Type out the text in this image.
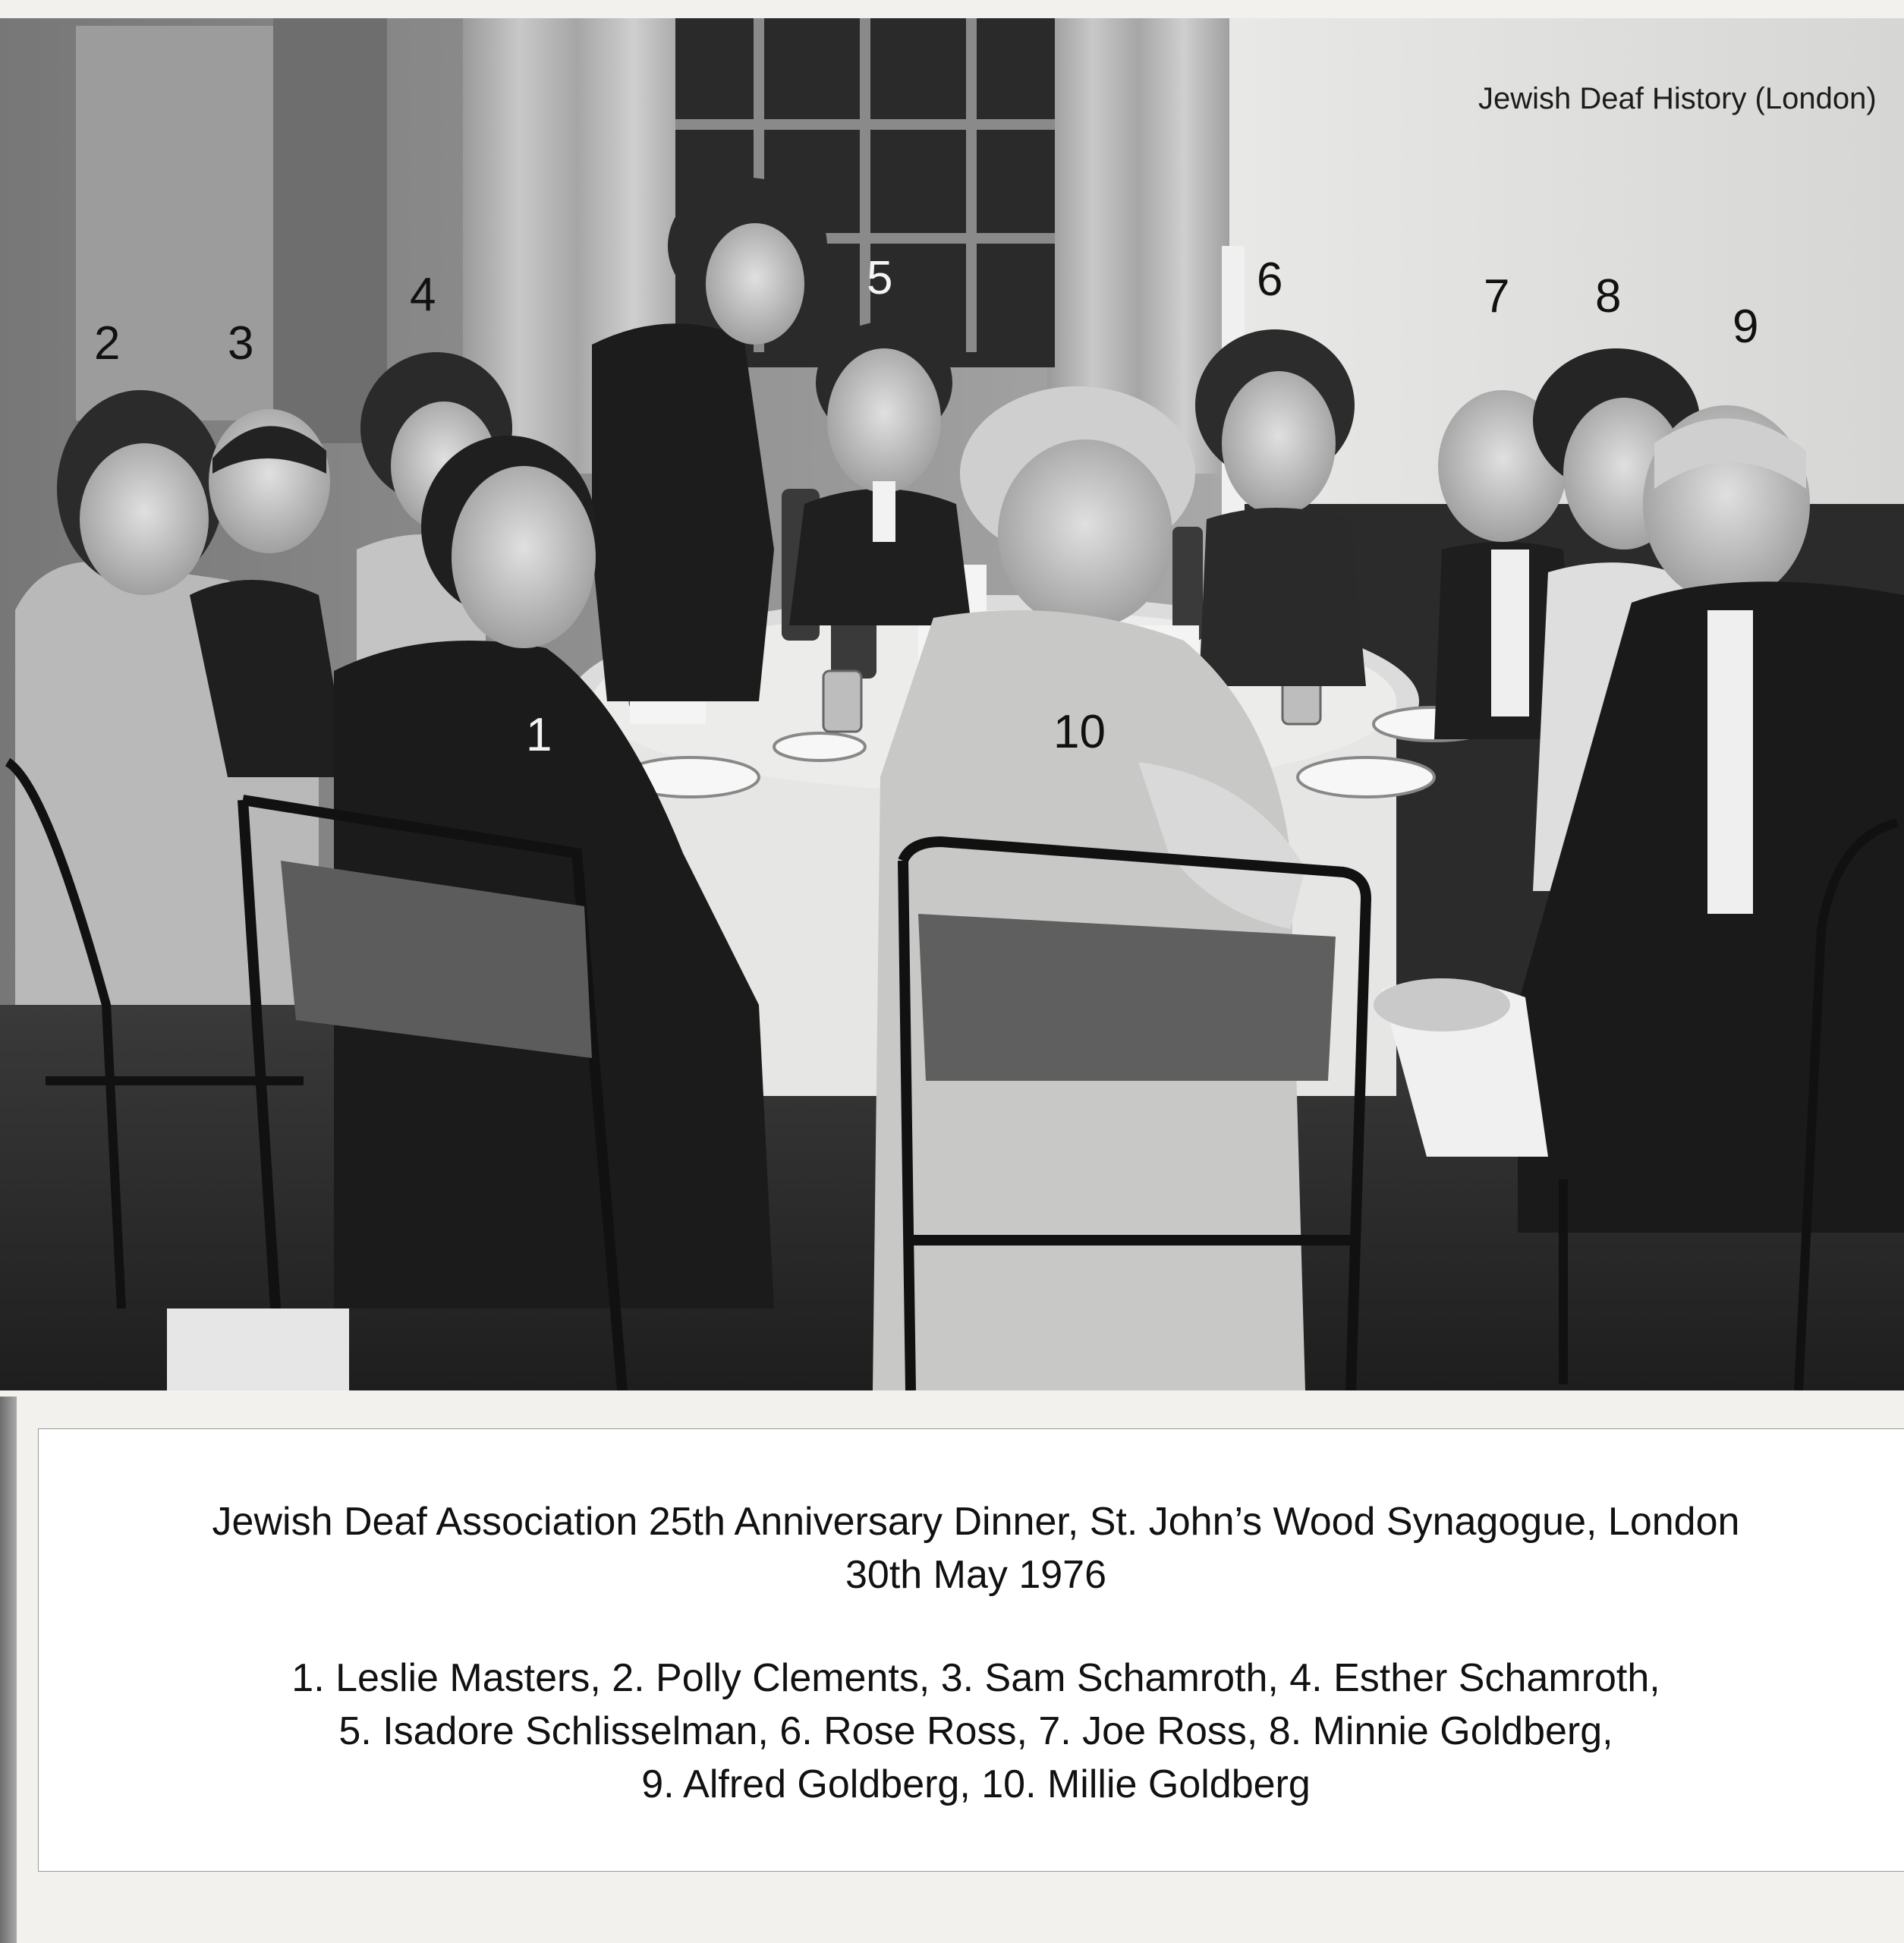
Jewish Deaf History (London)
1
2 3
4	5	6	7 8
9
10
Jewish Deaf Association 25th Anniversary Dinner, St. John’s Wood Synagogue, London
30th May 1976
1. Leslie Masters, 2. Polly Clements, 3. Sam Schamroth, 4. Esther Schamroth,
5. Isadore Schlisselman, 6. Rose Ross, 7. Joe Ross, 8. Minnie Goldberg,
9. Alfred Goldberg, 10. Millie Goldberg
